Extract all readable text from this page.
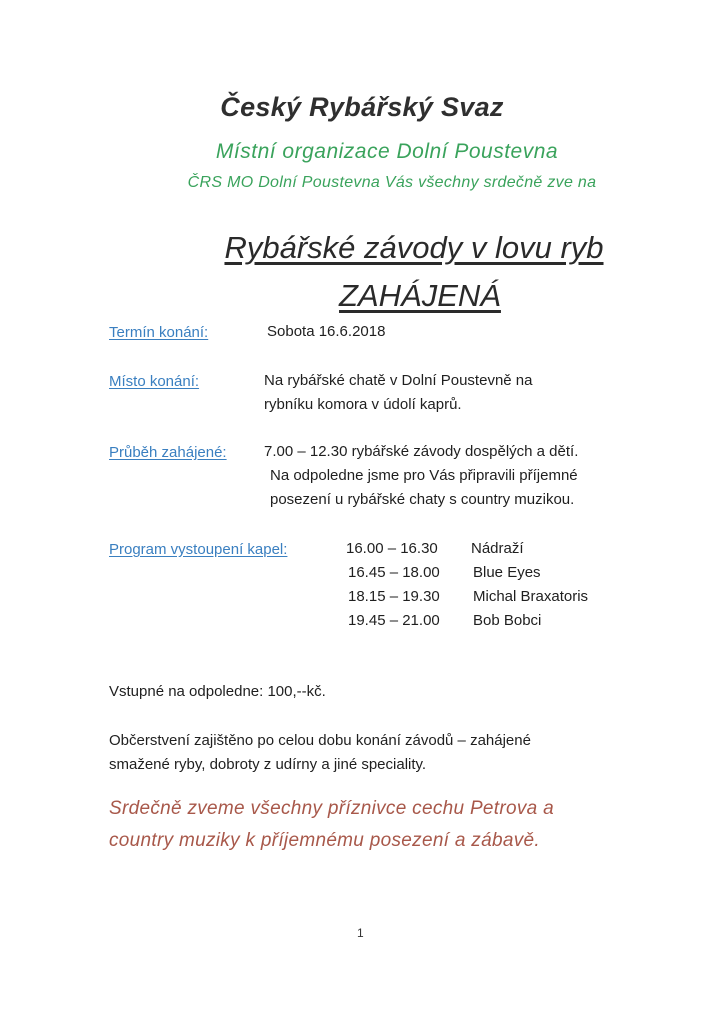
Český Rybářský Svaz
Místní organizace Dolní Poustevna
ČRS MO Dolní Poustevna Vás všechny srdečně zve na
Rybářské závody v lovu ryb
ZAHÁJENÁ
Termín konání:	Sobota 16.6.2018
Místo konání:	Na rybářské chatě v Dolní Poustevně na
rybníku komora v údolí kaprů.
Průběh zahájené: 7.00 – 12.30 rybářské závody dospělých a dětí.
Na odpoledne jsme pro Vás připravili příjemné
posezení u rybářské chaty s country muzikou.
Program vystoupení kapel:	16.00 – 16.30 Nádraží
16.45 – 18.00 Blue Eyes
18.15 – 19.30 Michal Braxatoris
19.45 – 21.00 Bob Bobci
Vstupné na odpoledne: 100,--kč.
Občerstvení zajištěno po celou dobu konání závodů – zahájené
smažené ryby, dobroty z udírny a jiné speciality.
Srdečně zveme všechny příznivce cechu Petrova a
country muziky k příjemnému posezení a zábavě.
1
